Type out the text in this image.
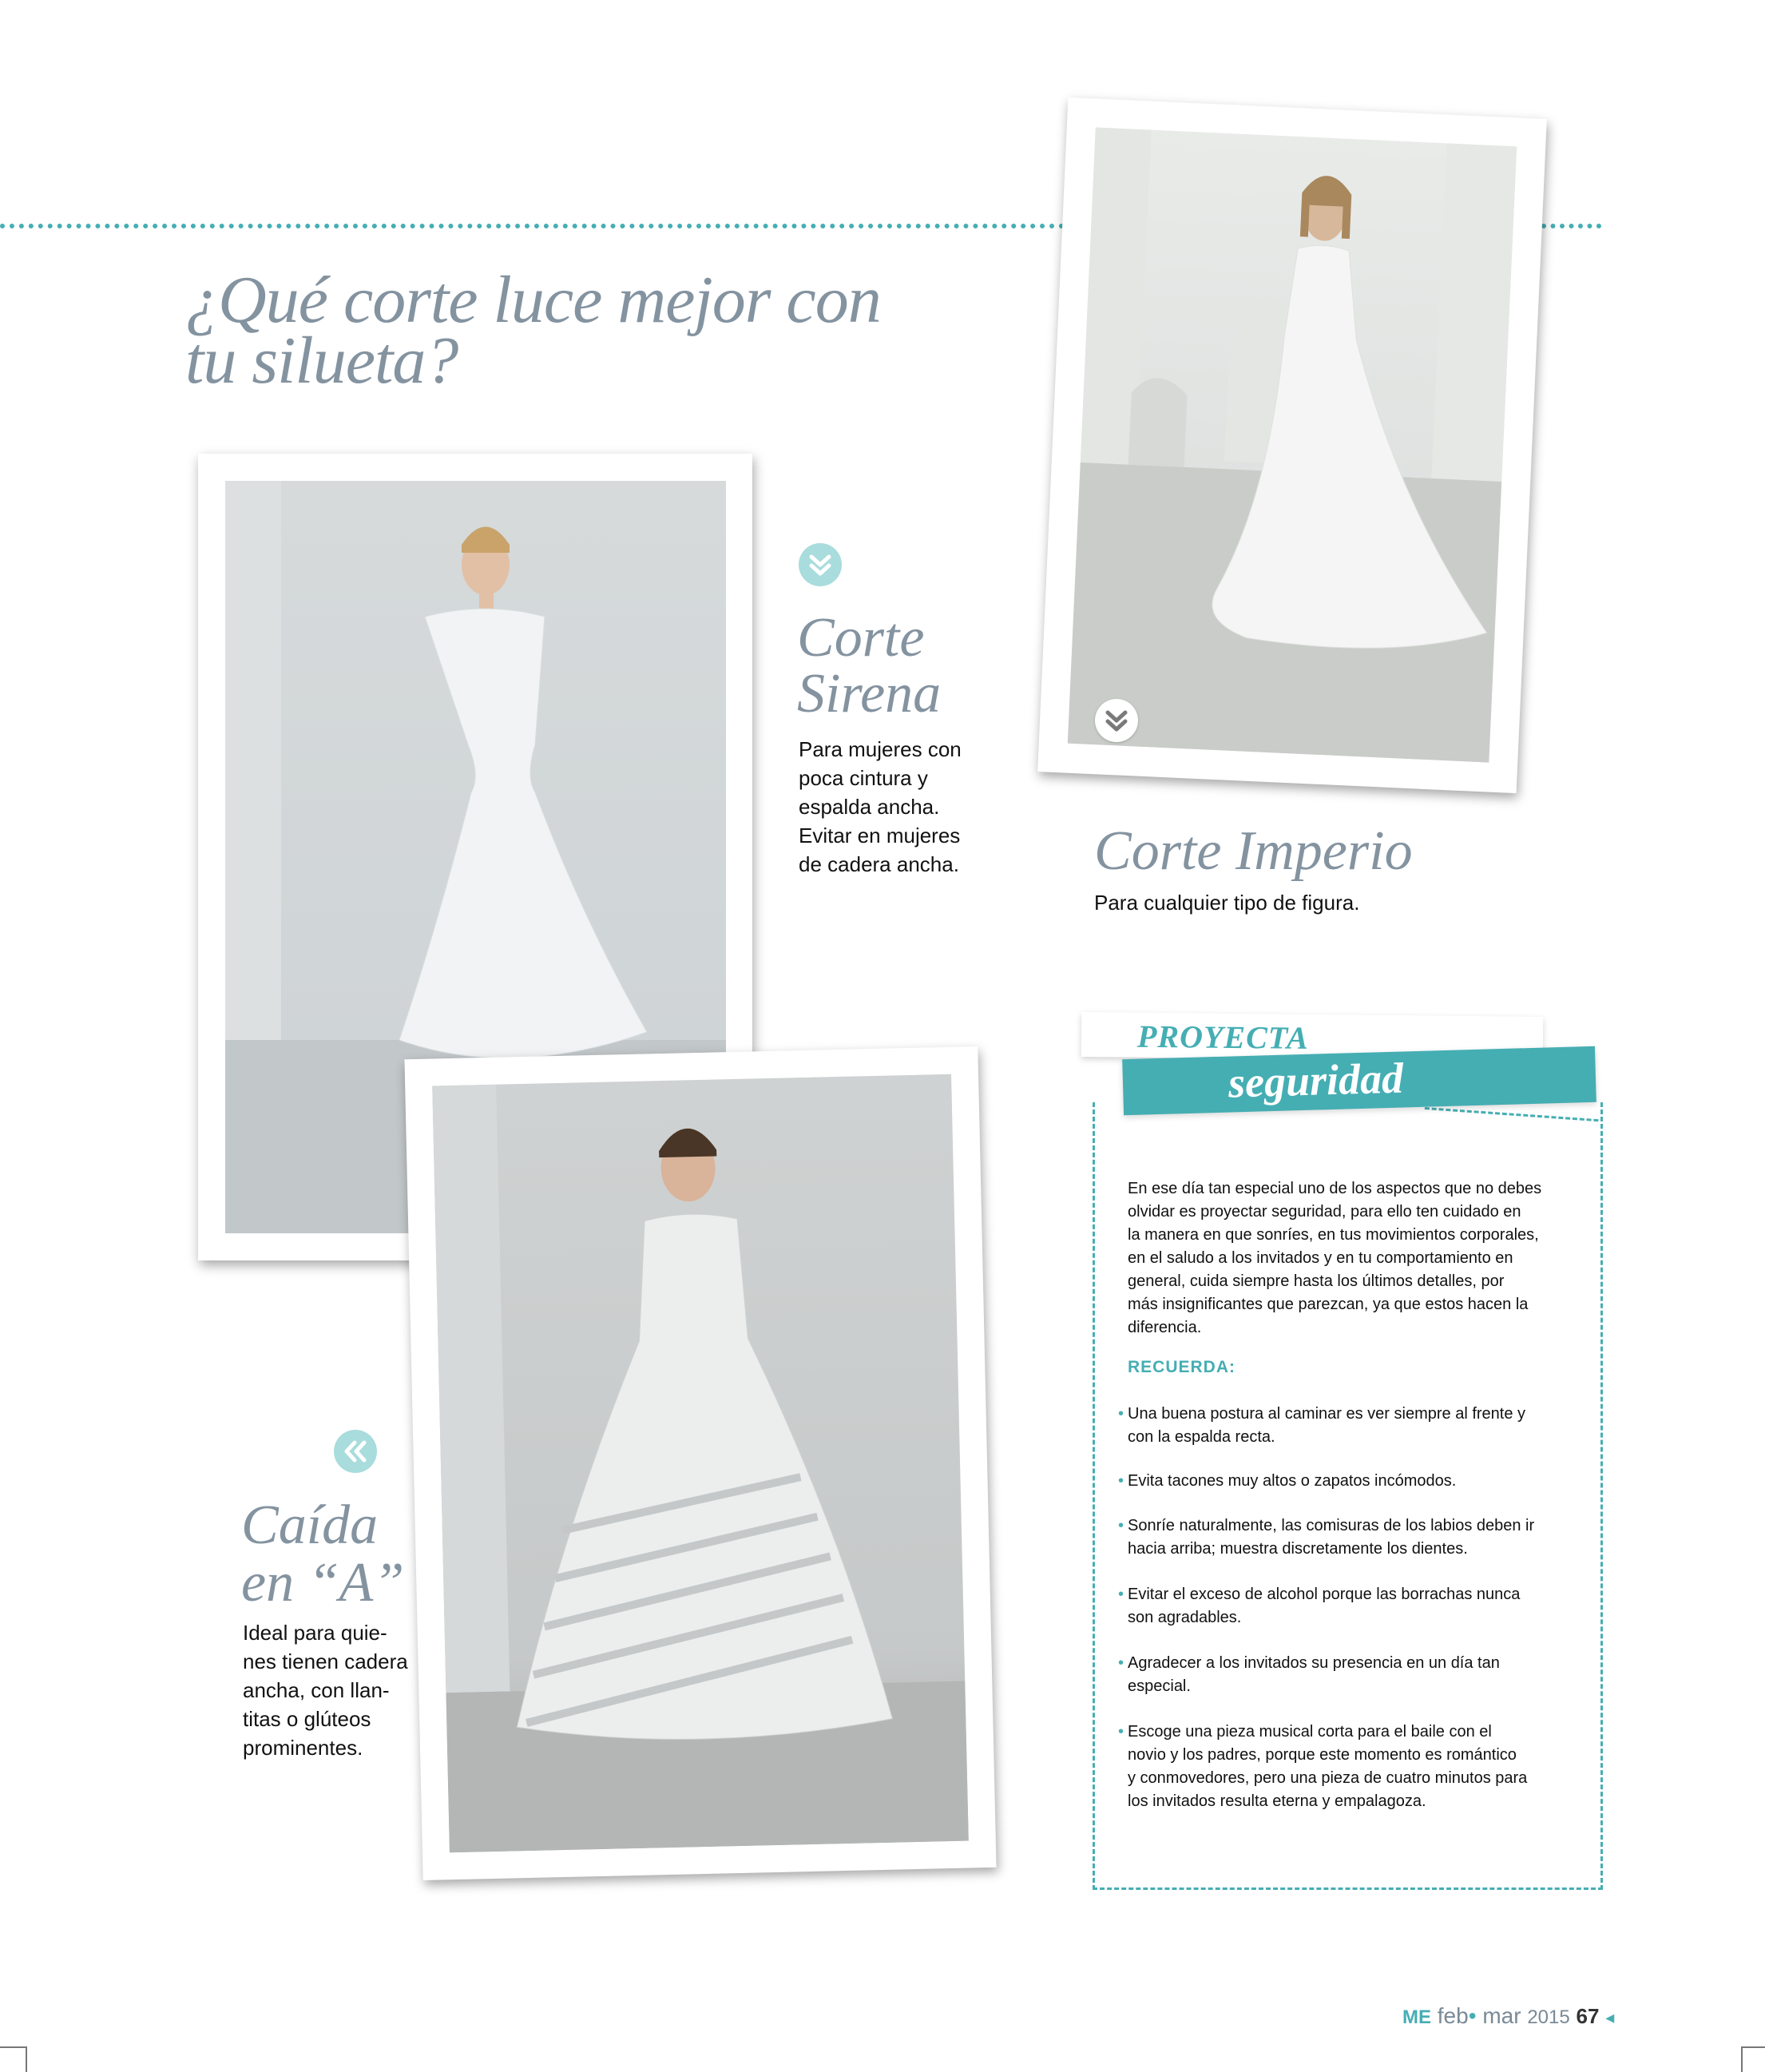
¿Qué corte luce mejor con
tu silueta?
Corte
Sirena

Para mujeres con
poca cintura y
espalda ancha.
Evitar en mujeres
de cadera ancha. Corte Imperio

Para cualquier tipo de figura.

Caída
en “A”

Ideal para quie-
nes tienen cadera
ancha, con llan-
titas o glúteos
prominentes.

PROYECTA
seguridad

En ese día tan especial uno de los aspectos que no debes
olvidar es proyectar seguridad, para ello ten cuidado en
la manera en que sonríes, en tus movimientos corporales,
en el saludo a los invitados y en tu comportamiento en
general, cuida siempre hasta los últimos detalles, por
más insignificantes que parezcan, ya que estos hacen la
diferencia.

RECUERDA:
• Una buena postura al caminar es ver siempre al frente y
con la espalda recta.
• Evita tacones muy altos o zapatos incómodos.
• Sonríe naturalmente, las comisuras de los labios deben ir
hacia arriba; muestra discretamente los dientes.
• Evitar el exceso de alcohol porque las borrachas nunca
son agradables.
• Agradecer a los invitados su presencia en un día tan
especial.
• Escoge una pieza musical corta para el baile con el
novio y los padres, porque este momento es romántico
y conmovedores, pero una pieza de cuatro minutos para
los invitados resulta eterna y empalagoza.
ME feb• mar 2015 67 ◂
